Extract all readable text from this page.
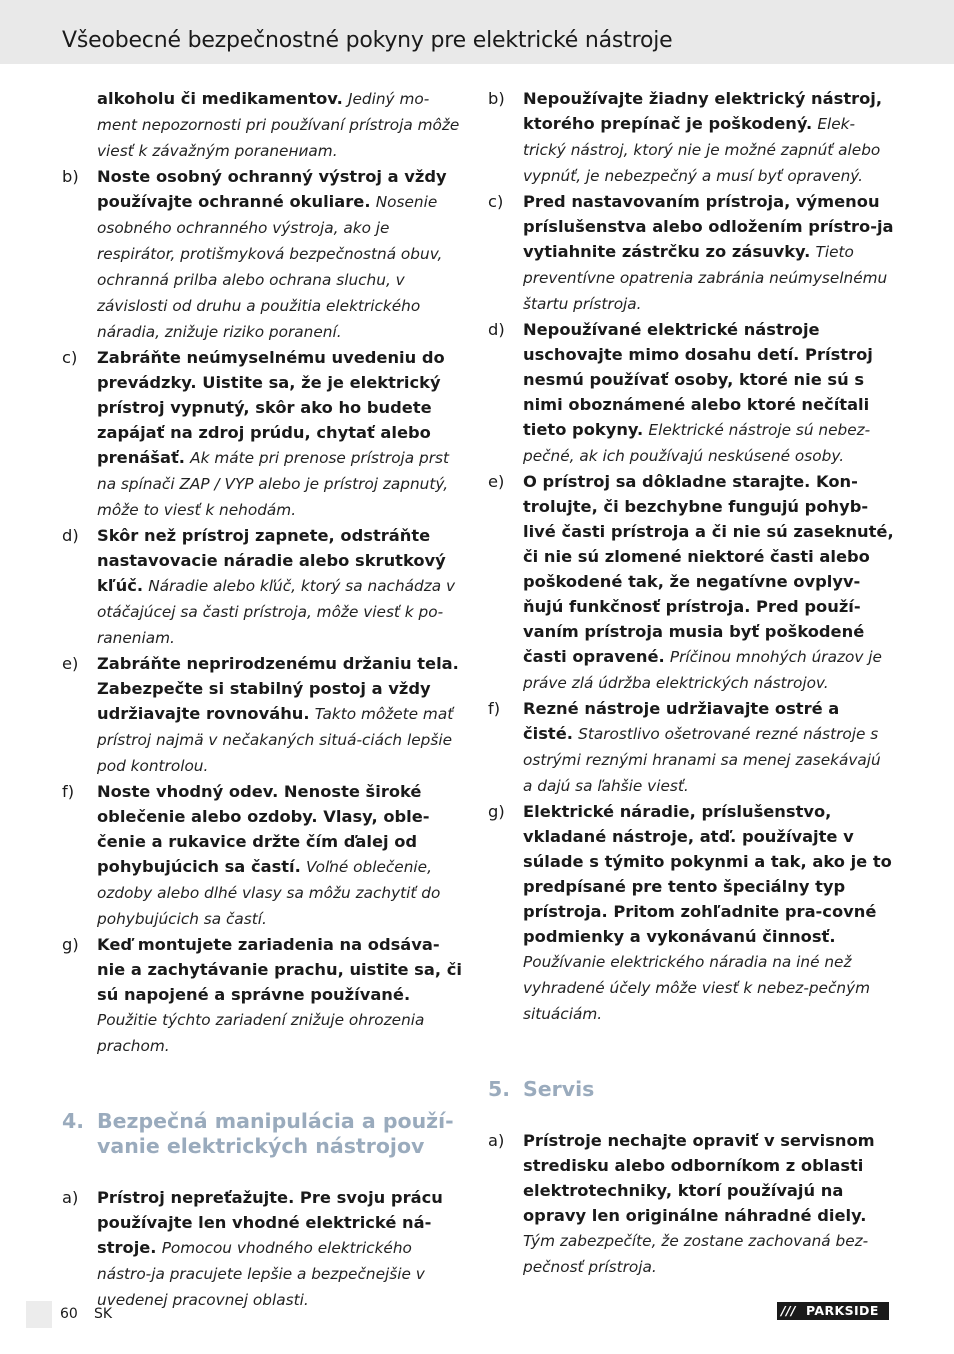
Všeobecné bezpečnostné pokyny pre elektrické nástroje
alkoholu či medikamentov. Jediný mo-ment nepozornosti pri používaní prístroja môže viesť k závažným poranениam.
b) Noste osobný ochranný výstroj a vždy používajte ochranné okuliare. Nosenie osobného ochranného výstroja, ako je respirátor, protišmyková bezpečnostná obuv, ochranná prilba alebo ochrana sluchu, v závislosti od druhu a použitia elektrického náradia, znižuje riziko poranení.
c) Zabráňte neúmyselnému uvedeniu do prevádzky. Uistite sa, že je elektrický prístroj vypnutý, skôr ako ho budete zapájať na zdroj prúdu, chytať alebo prenášať. Ak máte pri prenose prístroja prst na spínači ZAP / VYP alebo je prístroj zapnutý, môže to viesť k nehodám.
d) Skôr než prístroj zapnete, odstráňte nastavovacie náradie alebo skrutkový kľúč. Náradie alebo kľúč, ktorý sa nachádza v otáčajúcej sa časti prístroja, môže viesť k po-raneniam.
e) Zabráňte neprirodzenému držaniu tela. Zabezpečte si stabilný postoj a vždy udržiavajte rovnováhu. Takto môžete mať prístroj najmä v nečakaných situá-ciách lepšie pod kontrolou.
f) Noste vhodný odev. Nenoste široké oblečenie alebo ozdoby. Vlasy, oble-čenie a rukavice držte čím ďalej od pohybujúcich sa častí. Voľné oblečenie, ozdoby alebo dlhé vlasy sa môžu zachytiť do pohybujúcich sa častí.
g) Keď montujete zariadenia na odsáva-nie a zachytávanie prachu, uistite sa, či sú napojené a správne používané. Použitie týchto zariadení znižuje ohrozenia prachom.
4. Bezpečná manipulácia a použí-vanie elektrických nástrojov
a) Prístroj nepreťažujte. Pre svoju prácu používajte len vhodné elektrické ná-stroje. Pomocou vhodného elektrického nástro-ja pracujete lepšie a bezpečnejšie v uvedenej pracovnej oblasti.
b) Nepoužívajte žiadny elektrický nástroj, ktorého prepínač je poškodený. Elek-trický nástroj, ktorý nie je možné zapnúť alebo vypnúť, je nebezpečný a musí byť opravený.
c) Pred nastavovaním prístroja, výmenou príslušenstva alebo odložením prístro-ja vytiahnite zástrčku zo zásuvky. Tieto preventívne opatrenia zabránia neúmyselnému štartu prístroja.
d) Nepoužívané elektrické nástroje uschovajte mimo dosahu detí. Prístroj nesmú používať osoby, ktoré nie sú s nimi oboznámené alebo ktoré nečítali tieto pokyny. Elektrické nástroje sú nebez-pečné, ak ich používajú neskúsené osoby.
e) O prístroj sa dôkladne starajte. Kon-trolujte, či bezchybne fungujú pohyb-livé časti prístroja a či nie sú zaseknuté, či nie sú zlomené niektoré časti alebo poškodené tak, že negatívne ovplyv-ňujú funkčnosť prístroja. Pred použí-vaním prístroja musia byť poškodené časti opravené. Príčinou mnohých úrazov je práve zlá údržba elektrických nástrojov.
f) Rezné nástroje udržiavajte ostré a čisté. Starostlivo ošetrované rezné nástroje s ostrými reznými hranami sa menej zasekávajú a dajú sa ľahšie viesť.
g) Elektrické náradie, príslušenstvo, vkladané nástroje, atď. používajte v súlade s týmito pokynmi a tak, ako je to predpísané pre tento špeciálny typ prístroja. Pritom zohľadnite pra-covné podmienky a vykonávanú činnosť. Používanie elektrického náradia na iné než vyhradené účely môže viesť k nebez-pečným situáciám.
5. Servis
a) Prístroje nechajte opraviť v servisnom stredisku alebo odborníkom z oblasti elektrotechniky, ktorí používajú na opravy len originálne náhradné diely. Tým zabezpečíte, že zostane zachovaná bez-pečnosť prístroja.
60 SK	/// PARKSIDE
